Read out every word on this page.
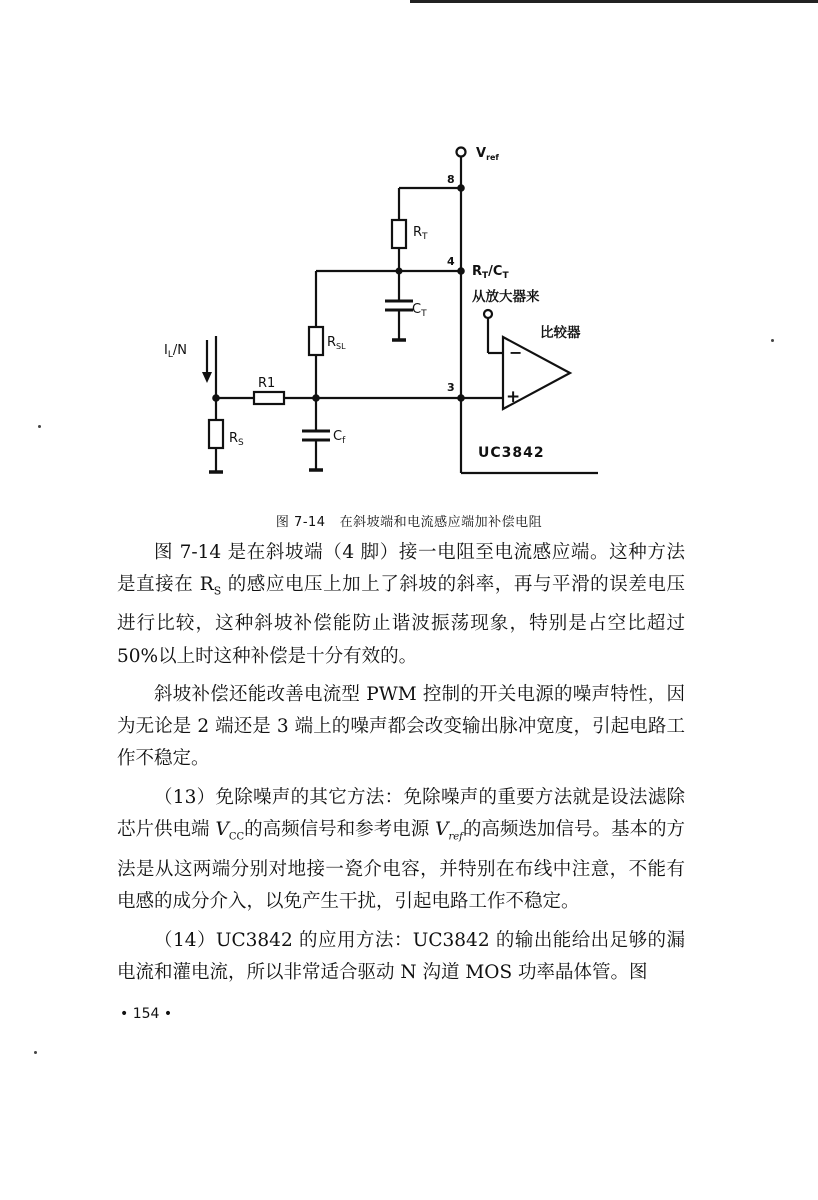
$V_{ref}$
8
4
3
$R_T/C_T$
从放大器来
比较器
$R_T$
$C_T$
$R_{SL}$
$I_L/N$
R1
$R_S$	$C_f$
UC3842
−
+
图 7-14 在斜坡端和电流感应端加补偿电阻

图 7-14 是在斜坡端（4 脚）接一电阻至电流感应端。这种方法是直接在 $R_S$ 的感应电压上加上了斜坡的斜率，再与平滑的误差电压进行比较，这种斜坡补偿能防止谐波振荡现象，特别是占空比超过 50%以上时这种补偿是十分有效的。

斜坡补偿还能改善电流型 PWM 控制的开关电源的噪声特性，因为无论是 2 端还是 3 端上的噪声都会改变输出脉冲宽度，引起电路工作不稳定。

（13）免除噪声的其它方法：免除噪声的重要方法就是设法滤除芯片供电端 $V_{CC}$的高频信号和参考电源 $V_{ref}$的高频迭加信号。基本的方法是从这两端分别对地接一瓷介电容，并特别在布线中注意，不能有电感的成分介入，以免产生干扰，引起电路工作不稳定。

（14）UC3842 的应用方法：UC3842 的输出能给出足够的漏电流和灌电流，所以非常适合驱动 N 沟道 MOS 功率晶体管。图

• 154 •
